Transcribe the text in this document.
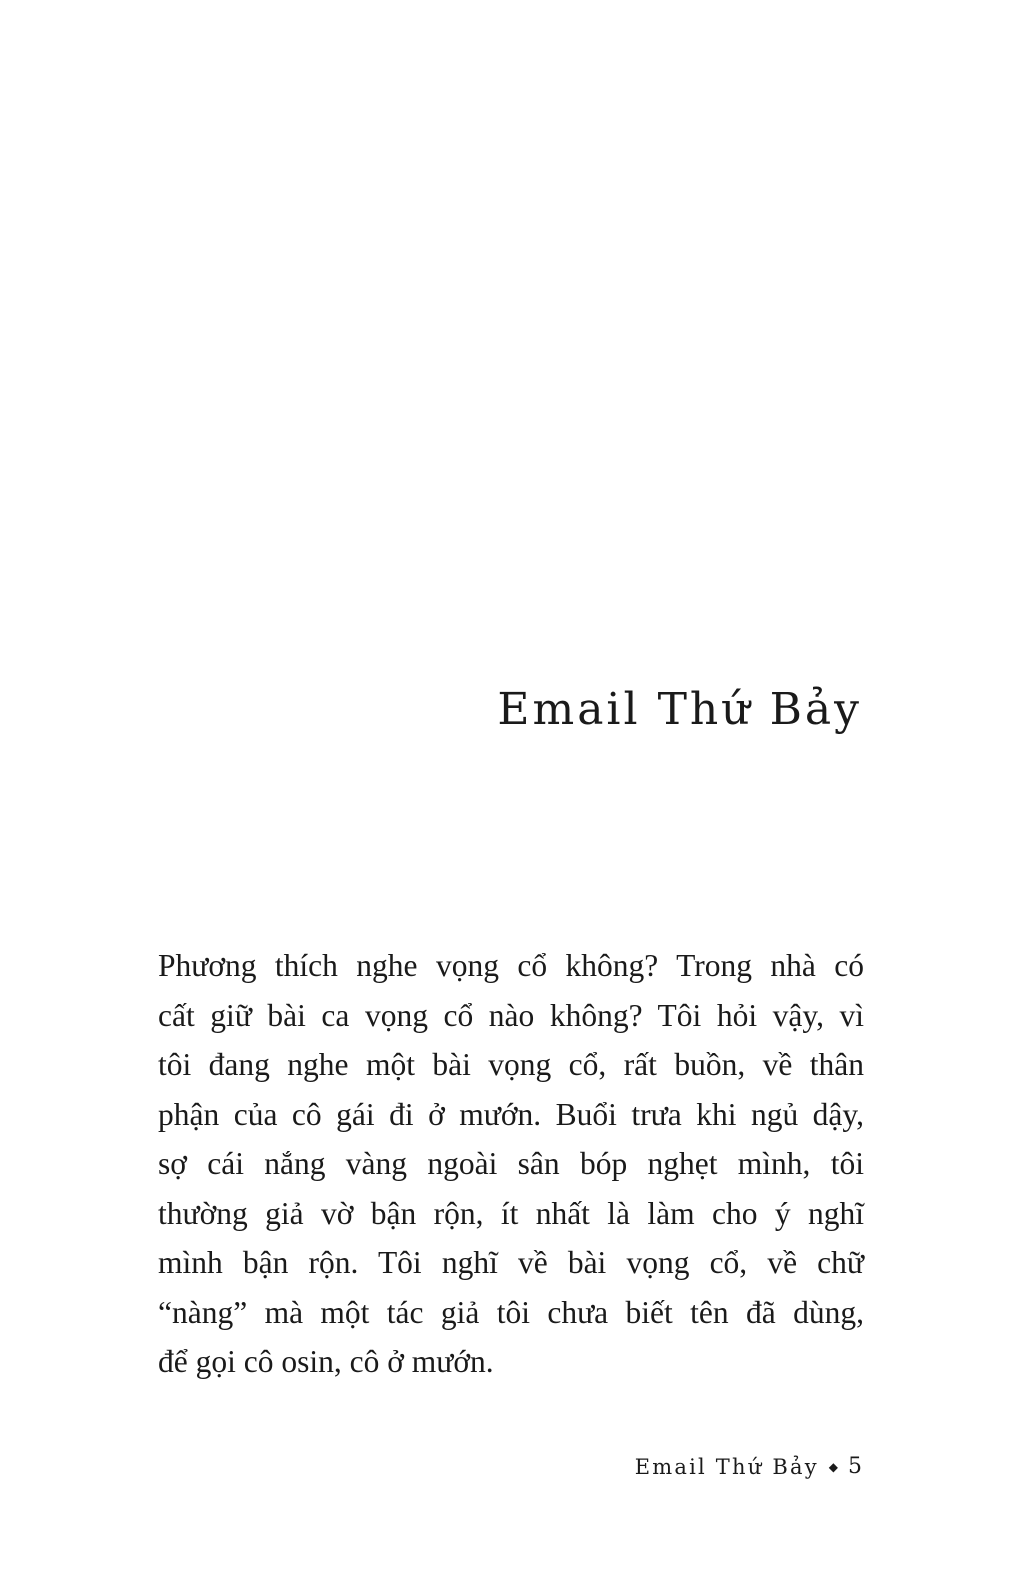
Email Thứ Bảy

Phương thích nghe vọng cổ không? Trong nhà có
cất giữ bài ca vọng cổ nào không? Tôi hỏi vậy, vì
tôi đang nghe một bài vọng cổ, rất buồn, về thân
phận của cô gái đi ở mướn. Buổi trưa khi ngủ dậy,
sợ cái nắng vàng ngoài sân bóp nghẹt mình, tôi
thường giả vờ bận rộn, ít nhất là làm cho ý nghĩ
mình bận rộn. Tôi nghĩ về bài vọng cổ, về chữ
“nàng” mà một tác giả tôi chưa biết tên đã dùng,
để gọi cô osin, cô ở mướn.

Email Thứ Bảy ◆ 5
